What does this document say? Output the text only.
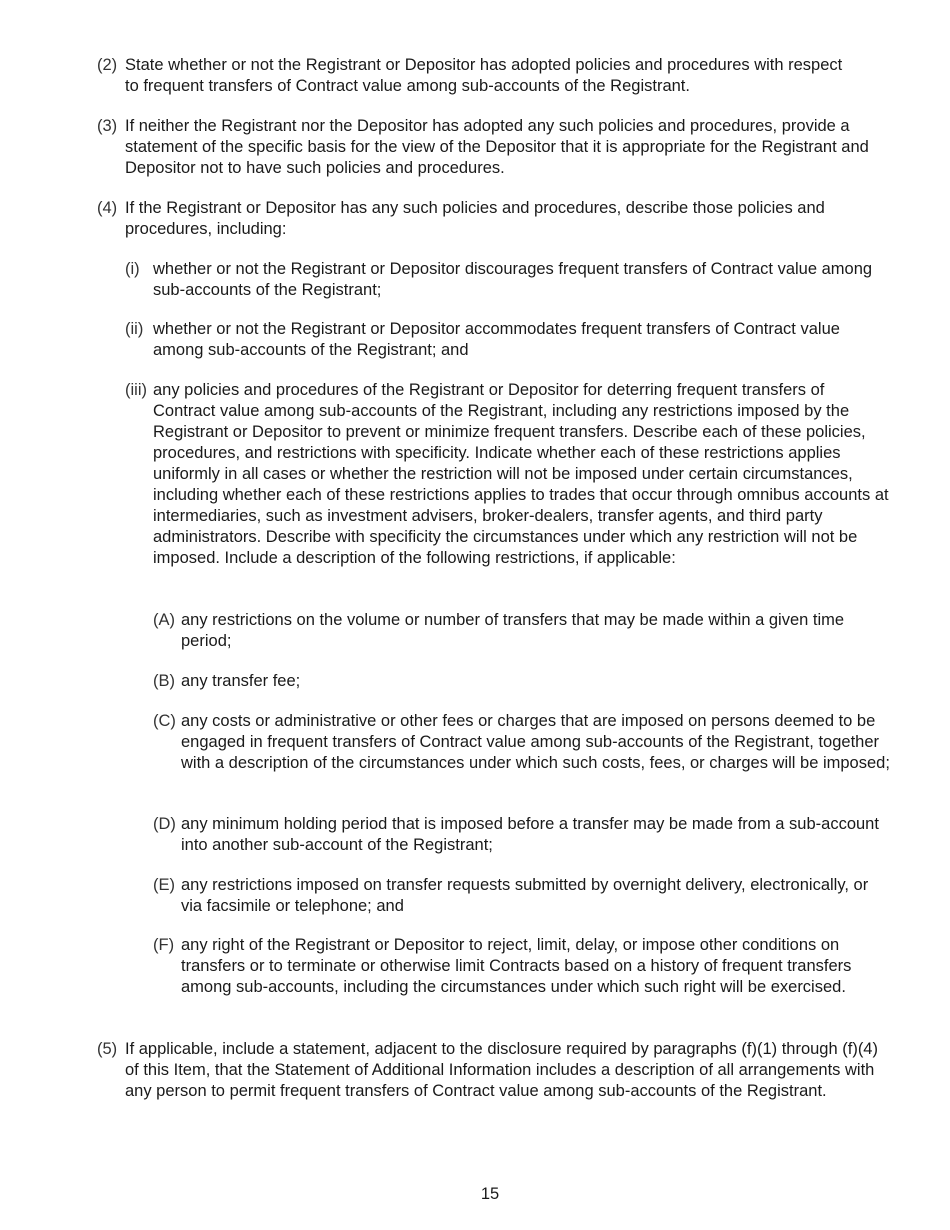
(2) State whether or not the Registrant or Depositor has adopted policies and procedures with respect to frequent transfers of Contract value among sub-accounts of the Registrant.
(3) If neither the Registrant nor the Depositor has adopted any such policies and procedures, provide a statement of the specific basis for the view of the Depositor that it is appropriate for the Registrant and Depositor not to have such policies and procedures.
(4) If the Registrant or Depositor has any such policies and procedures, describe those policies and procedures, including:
(i) whether or not the Registrant or Depositor discourages frequent transfers of Contract value among sub-accounts of the Registrant;
(ii) whether or not the Registrant or Depositor accommodates frequent transfers of Contract value among sub-accounts of the Registrant; and
(iii) any policies and procedures of the Registrant or Depositor for deterring frequent transfers of Contract value among sub-accounts of the Registrant, including any restrictions imposed by the Registrant or Depositor to prevent or minimize frequent transfers. Describe each of these policies, procedures, and restrictions with specificity. Indicate whether each of these restrictions applies uniformly in all cases or whether the restriction will not be imposed under certain circumstances, including whether each of these restrictions applies to trades that occur through omnibus accounts at intermediaries, such as investment advisers, broker-dealers, transfer agents, and third party administrators. Describe with specificity the circumstances under which any restriction will not be imposed. Include a description of the following restrictions, if applicable:
(A) any restrictions on the volume or number of transfers that may be made within a given time period;
(B) any transfer fee;
(C) any costs or administrative or other fees or charges that are imposed on persons deemed to be engaged in frequent transfers of Contract value among sub-accounts of the Registrant, together with a description of the circumstances under which such costs, fees, or charges will be imposed;
(D) any minimum holding period that is imposed before a transfer may be made from a sub-account into another sub-account of the Registrant;
(E) any restrictions imposed on transfer requests submitted by overnight delivery, electronically, or via facsimile or telephone; and
(F) any right of the Registrant or Depositor to reject, limit, delay, or impose other conditions on transfers or to terminate or otherwise limit Contracts based on a history of frequent transfers among sub-accounts, including the circumstances under which such right will be exercised.
(5) If applicable, include a statement, adjacent to the disclosure required by paragraphs (f)(1) through (f)(4) of this Item, that the Statement of Additional Information includes a description of all arrangements with any person to permit frequent transfers of Contract value among sub-accounts of the Registrant.
15
